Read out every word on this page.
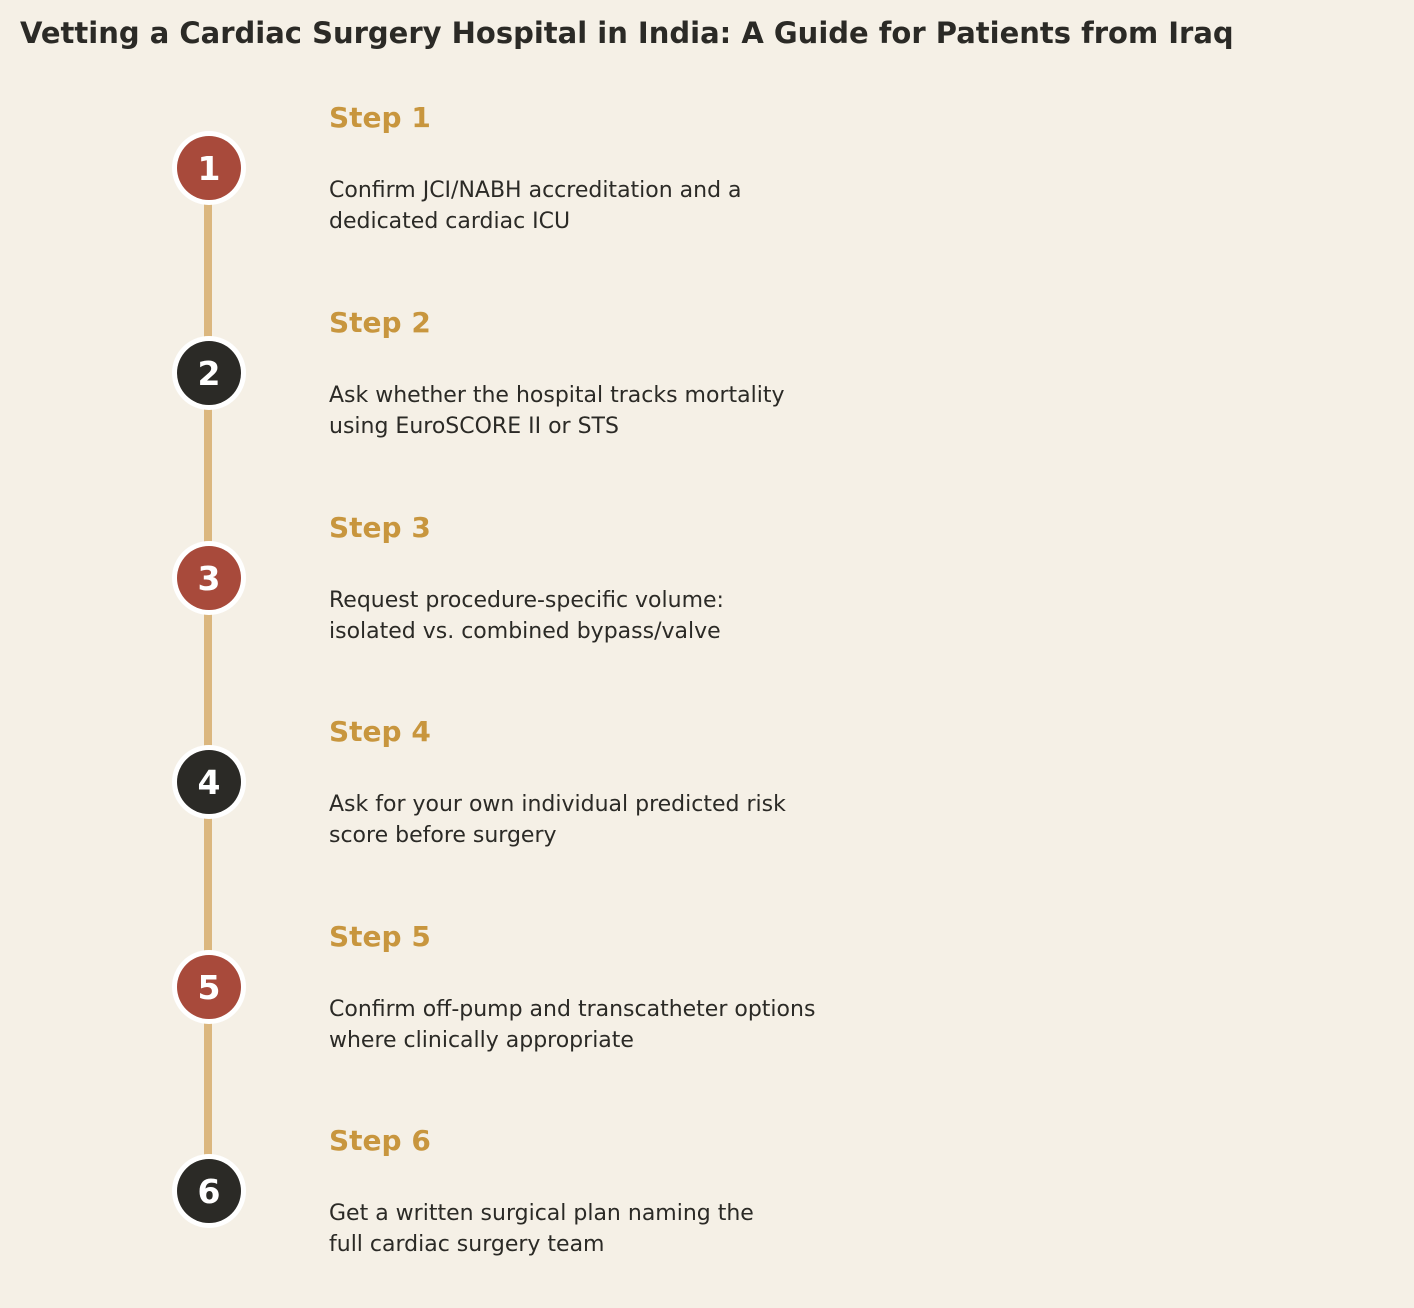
Vetting a Cardiac Surgery Hospital in India: A Guide for Patients from Iraq
1
Step 1
Confirm JCI/NABH accreditation and a
dedicated cardiac ICU
2
Step 2
Ask whether the hospital tracks mortality
using EuroSCORE II or STS
3
Step 3
Request procedure-specific volume:
isolated vs. combined bypass/valve
4
Step 4
Ask for your own individual predicted risk
score before surgery
5
Step 5
Confirm off-pump and transcatheter options
where clinically appropriate
6
Step 6
Get a written surgical plan naming the
full cardiac surgery team
